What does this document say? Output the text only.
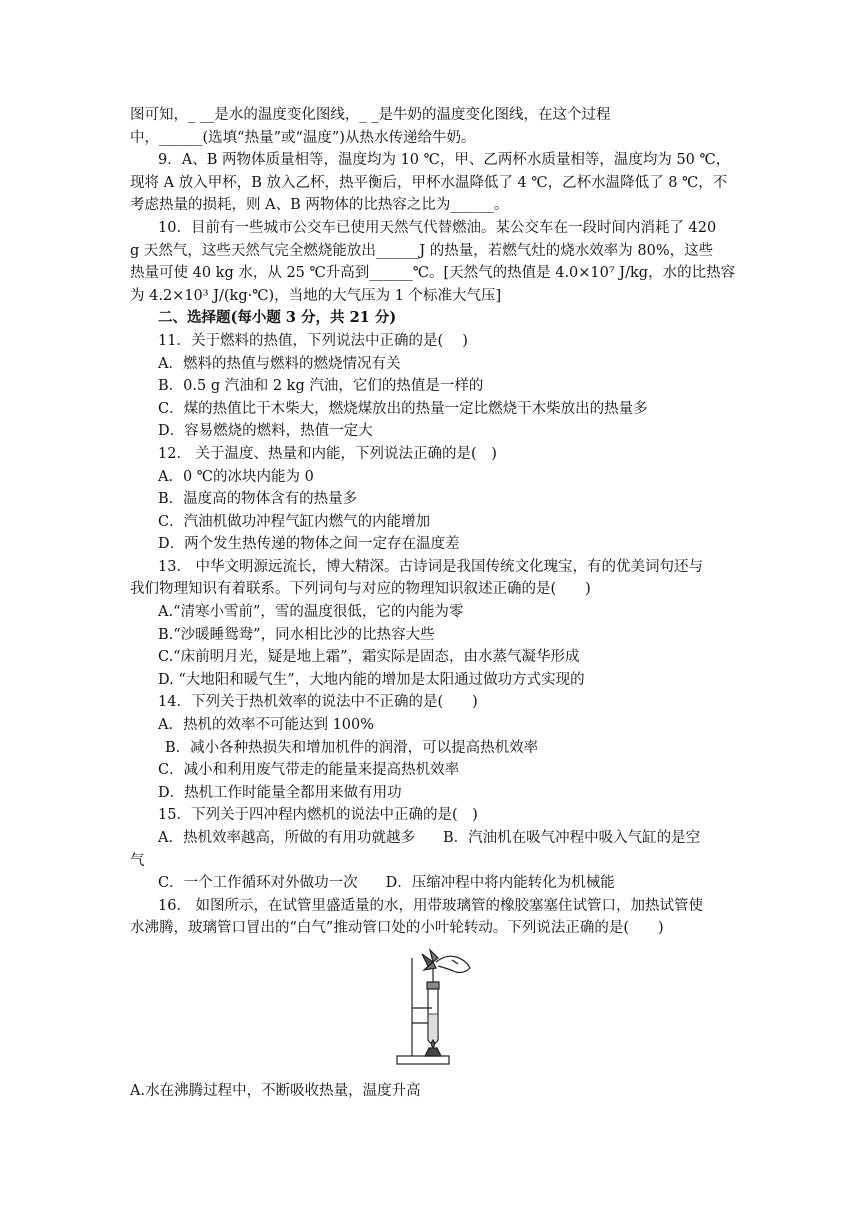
图可知，_ __是水的温度变化图线，_ _是牛奶的温度变化图线，在这个过程
中，______(选填“热量”或“温度”)从热水传递给牛奶。
9．A、B 两物体质量相等，温度均为 10 ℃，甲、乙两杯水质量相等，温度均为 50 ℃，
现将 A 放入甲杯，B 放入乙杯，热平衡后，甲杯水温降低了 4 ℃，乙杯水温降低了 8 ℃，不
考虑热量的损耗，则 A、B 两物体的比热容之比为______。
10．目前有一些城市公交车已使用天然气代替燃油。某公交车在一段时间内消耗了 420
g 天然气，这些天然气完全燃烧能放出______J 的热量，若燃气灶的烧水效率为 80%，这些
热量可使 40 kg 水，从 25 ℃升高到______℃。[天然气的热值是 4.0×10⁷ J/kg，水的比热容
为 4.2×10³ J/(kg·℃)，当地的大气压为 1 个标准大气压]
二、选择题(每小题 3 分，共 21 分)
11．关于燃料的热值，下列说法中正确的是(　 )
A．燃料的热值与燃料的燃烧情况有关
B．0.5 g 汽油和 2 kg 汽油，它们的热值是一样的
C．煤的热值比干木柴大，燃烧煤放出的热量一定比燃烧干木柴放出的热量多
D．容易燃烧的燃料，热值一定大
12． 关于温度、热量和内能，下列说法正确的是(　)
A．0 ℃的冰块内能为 0
B．温度高的物体含有的热量多
C．汽油机做功冲程气缸内燃气的内能增加
D．两个发生热传递的物体之间一定存在温度差
13． 中华文明源远流长，博大精深。古诗词是我国传统文化瑰宝，有的优美词句还与
我们物理知识有着联系。下列词句与对应的物理知识叙述正确的是(　　)
A.“清寒小雪前”，雪的温度很低，它的内能为零
B.“沙暖睡鸳鸯”，同水相比沙的比热容大些
C.“床前明月光，疑是地上霜”，霜实际是固态，由水蒸气凝华形成
D. “大地阳和暖气生”，大地内能的增加是太阳通过做功方式实现的
14．下列关于热机效率的说法中不正确的是(　　)
A．热机的效率不可能达到 100%
B．减小各种热损失和增加机件的润滑，可以提高热机效率
C．减小和利用废气带走的能量来提高热机效率
D．热机工作时能量全都用来做有用功
15．下列关于四冲程内燃机的说法中正确的是(　)
A．热机效率越高，所做的有用功就越多 B．汽油机在吸气冲程中吸入气缸的是空
气
C．一个工作循环对外做功一次 D．压缩冲程中将内能转化为机械能
16． 如图所示，在试管里盛适量的水，用带玻璃管的橡胶塞塞住试管口，加热试管使
水沸腾，玻璃管口冒出的“白气”推动管口处的小叶轮转动。下列说法正确的是(　　)
A.水在沸腾过程中，不断吸收热量，温度升高
